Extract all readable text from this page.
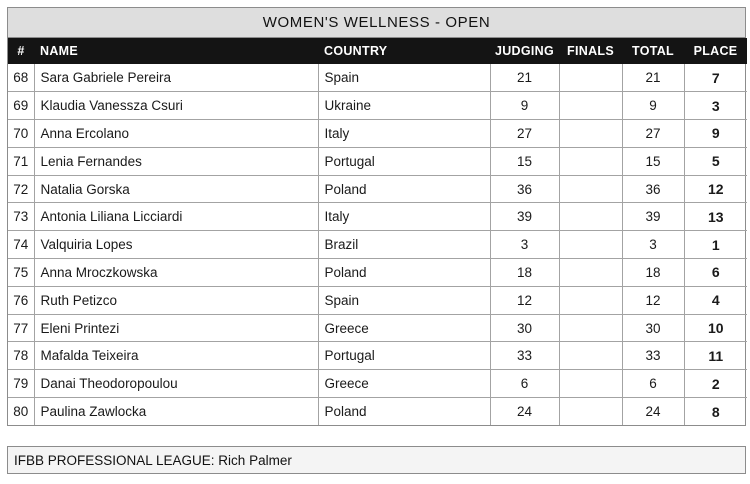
WOMEN'S WELLNESS - OPEN
#	NAME	COUNTRY	JUDGING	FINALS	TOTAL	PLACE
68	Sara Gabriele Pereira	Spain	21		21	7
69	Klaudia Vanessza Csuri	Ukraine	9		9	3
70	Anna Ercolano	Italy	27		27	9
71	Lenia Fernandes	Portugal	15		15	5
72	Natalia Gorska	Poland	36		36	12
73	Antonia Liliana Licciardi	Italy	39		39	13
74	Valquiria Lopes	Brazil	3		3	1
75	Anna Mroczkowska	Poland	18		18	6
76	Ruth Petizco	Spain	12		12	4
77	Eleni Printezi	Greece	30		30	10
78	Mafalda Teixeira	Portugal	33		33	11
79	Danai Theodoropoulou	Greece	6		6	2
80	Paulina Zawlocka	Poland	24		24	8
IFBB PROFESSIONAL LEAGUE: Rich Palmer
